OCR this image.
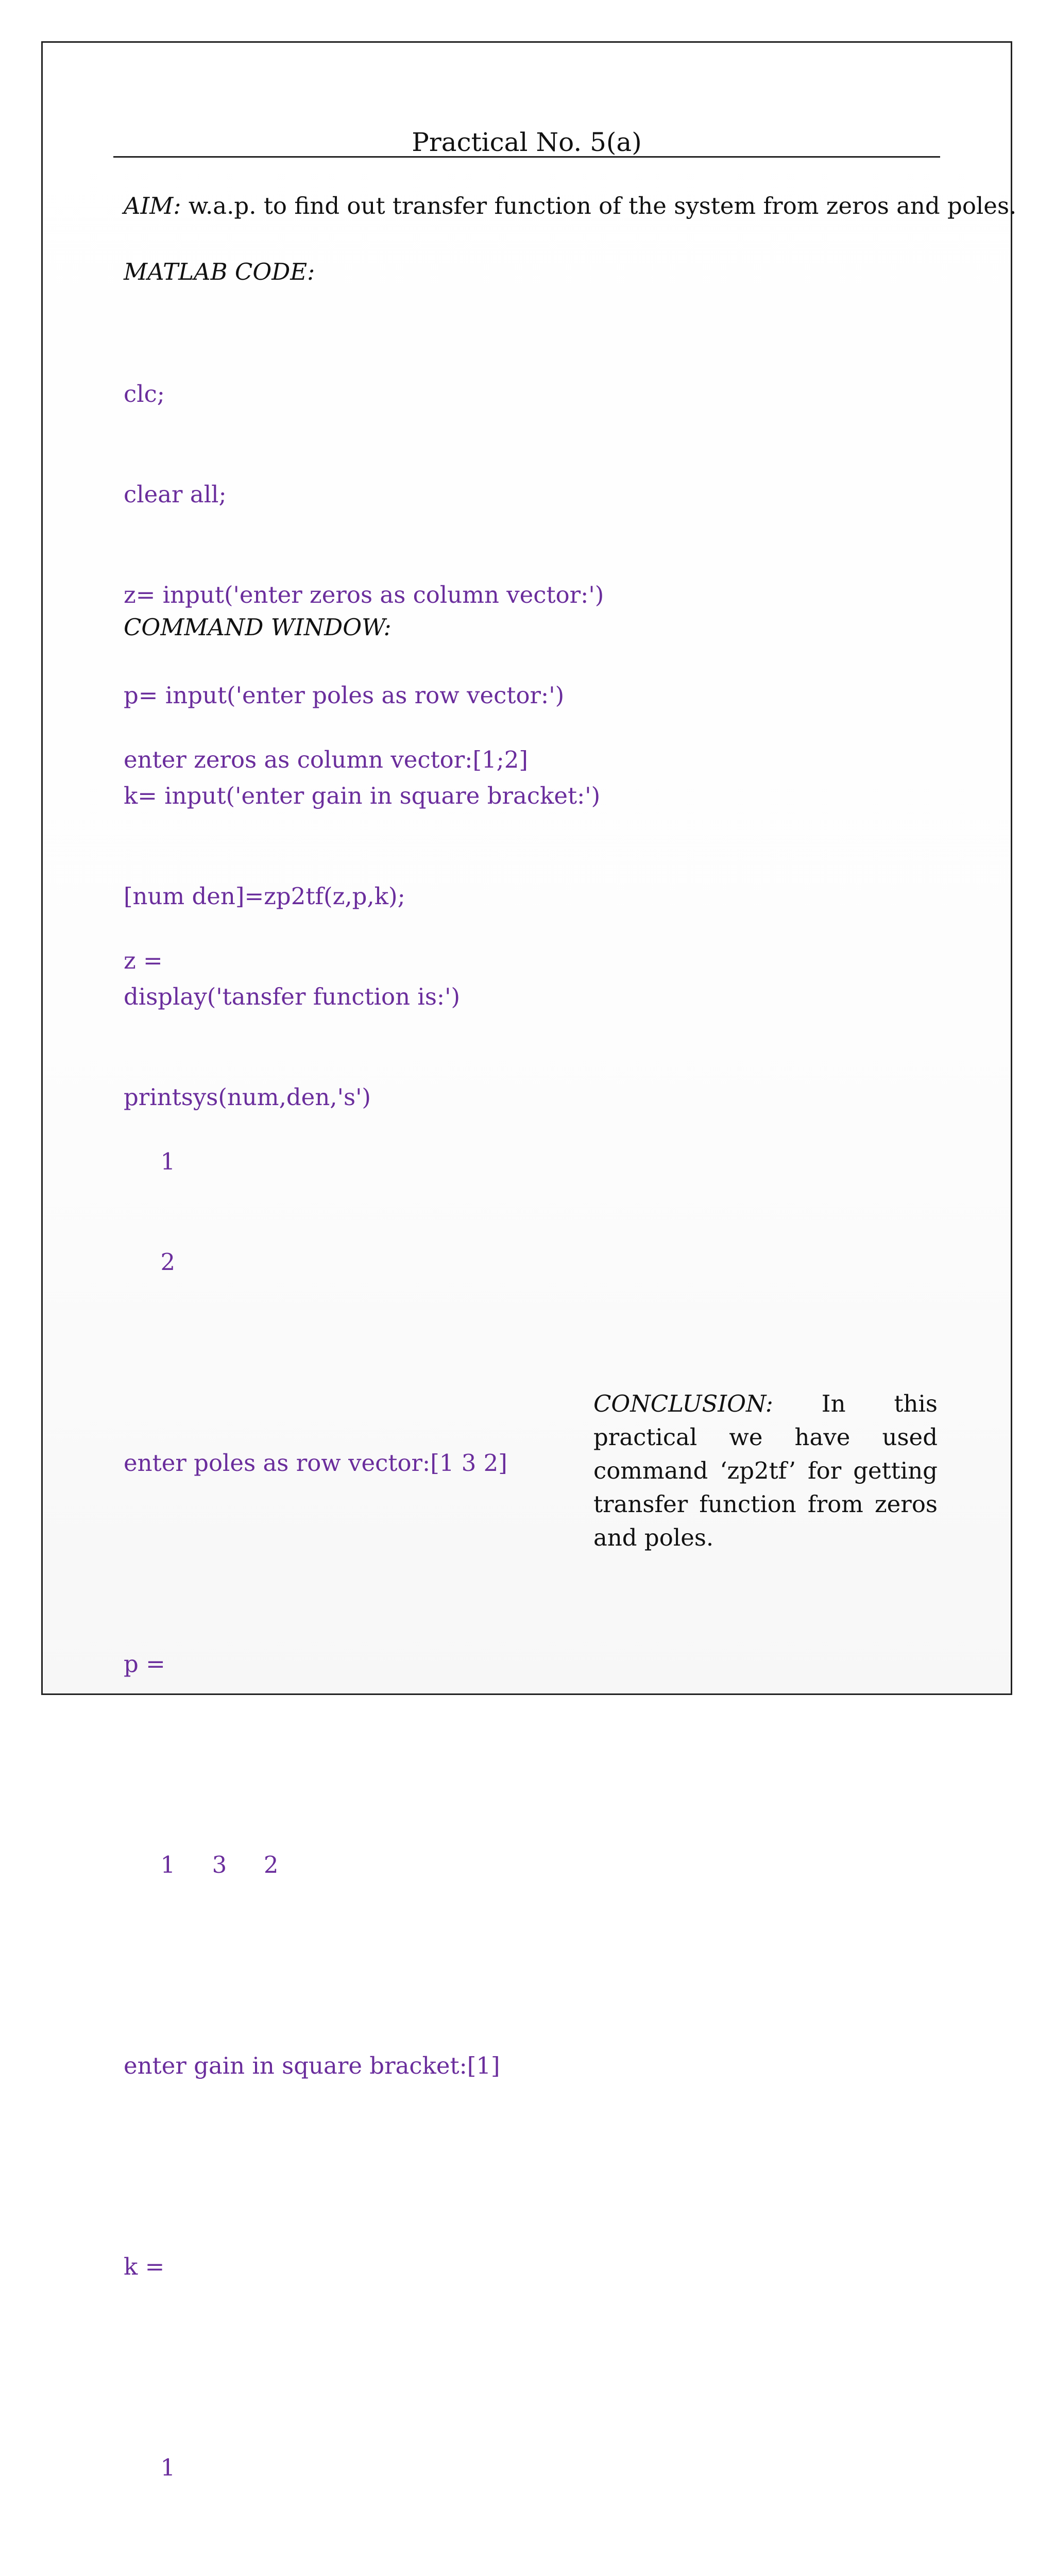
Practical No. 5(a)
AIM: w.a.p. to find out transfer function of the system from zeros and poles.
MATLAB CODE:

clc;

clear all;

z= input('enter zeros as column vector:')

p= input('enter poles as row vector:')

k= input('enter gain in square bracket:')

[num den]=zp2tf(z,p,k);

display('tansfer function is:')

printsys(num,den,'s')

COMMAND WINDOW:

enter zeros as column vector:[1;2]

z =

1

2

enter poles as row vector:[1 3 2]

p =

1     3     2

enter gain in square bracket:[1]

k =

1

CONCLUSION: In this practical we have used command ‘zp2tf’ for getting transfer function from zeros and poles.
